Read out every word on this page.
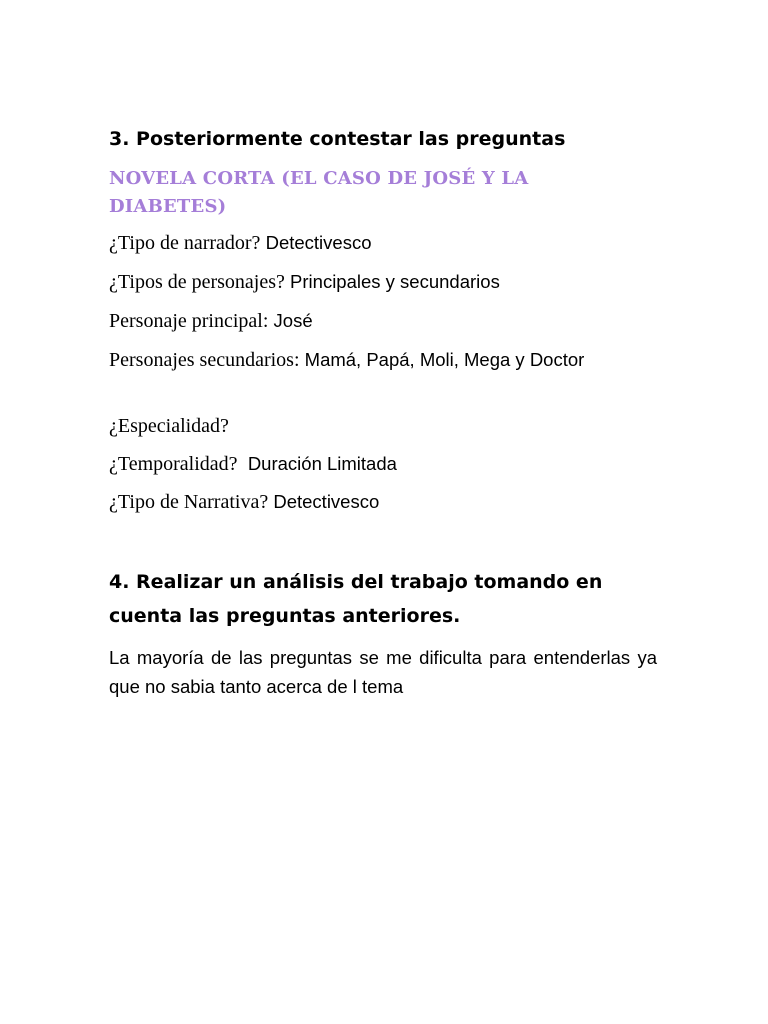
3. Posteriormente contestar las preguntas

NOVELA CORTA (EL CASO DE JOSÉ Y LA DIABETES)

¿Tipo de narrador? Detectivesco

¿Tipos de personajes? Principales y secundarios

Personaje principal: José

Personajes secundarios: Mamá, Papá, Moli, Mega y Doctor

¿Especialidad?

¿Temporalidad?  Duración Limitada

¿Tipo de Narrativa? Detectivesco

4. Realizar un análisis del trabajo tomando en cuenta las preguntas anteriores.

La mayoría de las preguntas se me dificulta para entenderlas ya que no sabia tanto acerca de l tema
